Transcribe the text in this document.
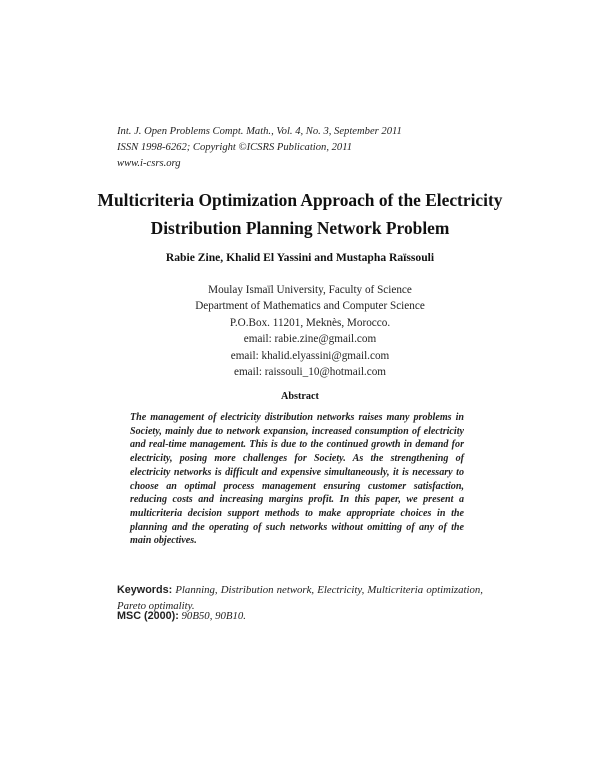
Int. J. Open Problems Compt. Math., Vol. 4, No. 3, September 2011
ISSN 1998-6262; Copyright ©ICSRS Publication, 2011
www.i-csrs.org
Multicriteria Optimization Approach of the Electricity
Distribution Planning Network Problem
Rabie Zine, Khalid El Yassini and Mustapha Raïssouli
Moulay Ismaïl University, Faculty of Science
Department of Mathematics and Computer Science
P.O.Box. 11201, Meknès, Morocco.
email: rabie.zine@gmail.com
email: khalid.elyassini@gmail.com
email: raissouli_10@hotmail.com
Abstract
The management of electricity distribution networks raises many problems in Society, mainly due to network expansion, increased consumption of electricity and real-time management. This is due to the continued growth in demand for electricity, posing more challenges for Society. As the strengthening of electricity networks is difficult and expensive simultaneously, it is necessary to choose an optimal process management ensuring customer satisfaction, reducing costs and increasing margins profit. In this paper, we present a multicriteria decision support methods to make appropriate choices in the planning and the operating of such networks without omitting of any of the main objectives.
Keywords: Planning, Distribution network, Electricity, Multicriteria optimization, Pareto optimality.
MSC (2000): 90B50, 90B10.
